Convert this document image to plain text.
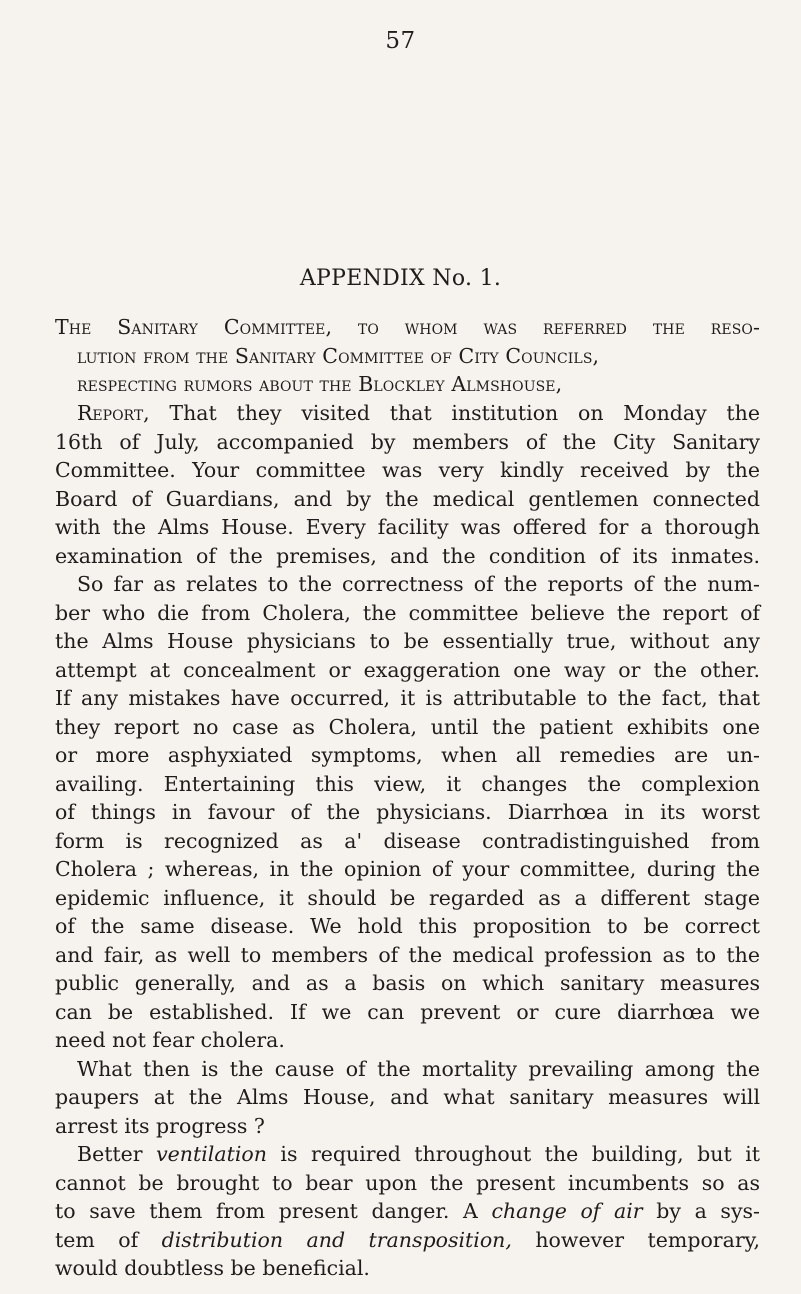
57
APPENDIX No. 1.
The Sanitary Committee, to whom was referred the reso-
lution from the Sanitary Committee of City Councils,
respecting rumors about the Blockley Almshouse,
Report, That they visited that institution on Monday the
16th of July, accompanied by members of the City Sanitary
Committee. Your committee was very kindly received by the
Board of Guardians, and by the medical gentlemen connected
with the Alms House. Every facility was offered for a thorough
examination of the premises, and the condition of its inmates.
So far as relates to the correctness of the reports of the num-
ber who die from Cholera, the committee believe the report of
the Alms House physicians to be essentially true, without any
attempt at concealment or exaggeration one way or the other.
If any mistakes have occurred, it is attributable to the fact, that
they report no case as Cholera, until the patient exhibits one
or more asphyxiated symptoms, when all remedies are un-
availing. Entertaining this view, it changes the complexion
of things in favour of the physicians. Diarrhœa in its worst
form is recognized as a' disease contradistinguished from
Cholera ; whereas, in the opinion of your committee, during the
epidemic influence, it should be regarded as a different stage
of the same disease. We hold this proposition to be correct
and fair, as well to members of the medical profession as to the
public generally, and as a basis on which sanitary measures
can be established. If we can prevent or cure diarrhœa we
need not fear cholera.
What then is the cause of the mortality prevailing among the
paupers at the Alms House, and what sanitary measures will
arrest its progress ?
Better ventilation is required throughout the building, but it
cannot be brought to bear upon the present incumbents so as
to save them from present danger. A change of air by a sys-
tem of distribution and transposition, however temporary,
would doubtless be beneficial.
